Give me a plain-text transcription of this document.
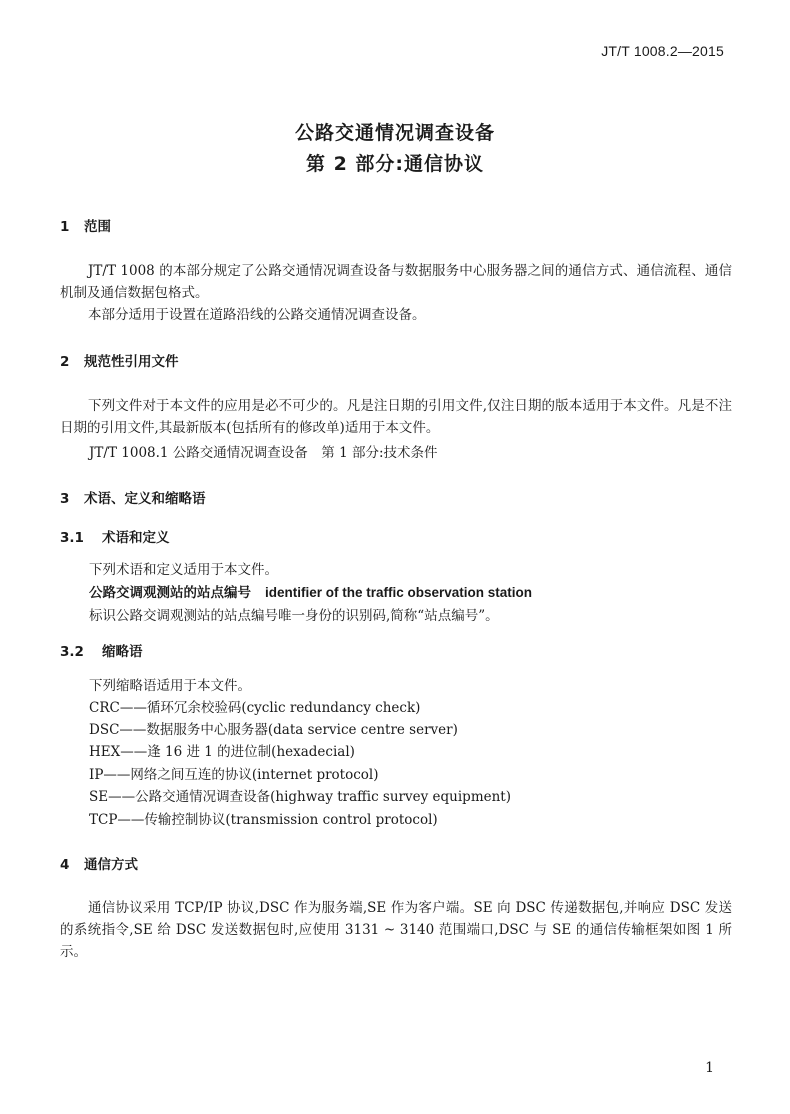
JT/T 1008.2—2015
公路交通情况调查设备
第 2 部分:通信协议
1 范围
JT/T 1008 的本部分规定了公路交通情况调查设备与数据服务中心服务器之间的通信方式、通信流程、通信机制及通信数据包格式。
本部分适用于设置在道路沿线的公路交通情况调查设备。
2 规范性引用文件
下列文件对于本文件的应用是必不可少的。凡是注日期的引用文件,仅注日期的版本适用于本文件。凡是不注日期的引用文件,其最新版本(包括所有的修改单)适用于本文件。
JT/T 1008.1 公路交通情况调查设备　第 1 部分:技术条件
3 术语、定义和缩略语
3.1 术语和定义
下列术语和定义适用于本文件。
公路交调观测站的站点编号 identifier of the traffic observation station
标识公路交调观测站的站点编号唯一身份的识别码,简称“站点编号”。
3.2 缩略语
下列缩略语适用于本文件。
CRC——循环冗余校验码(cyclic redundancy check)
DSC——数据服务中心服务器(data service centre server)
HEX——逢 16 进 1 的进位制(hexadecial)
IP——网络之间互连的协议(internet protocol)
SE——公路交通情况调查设备(highway traffic survey equipment)
TCP——传输控制协议(transmission control protocol)
4 通信方式
通信协议采用 TCP/IP 协议,DSC 作为服务端,SE 作为客户端。SE 向 DSC 传递数据包,并响应 DSC 发送的系统指令,SE 给 DSC 发送数据包时,应使用 3131 ~ 3140 范围端口,DSC 与 SE 的通信传输框架如图 1 所示。
1
